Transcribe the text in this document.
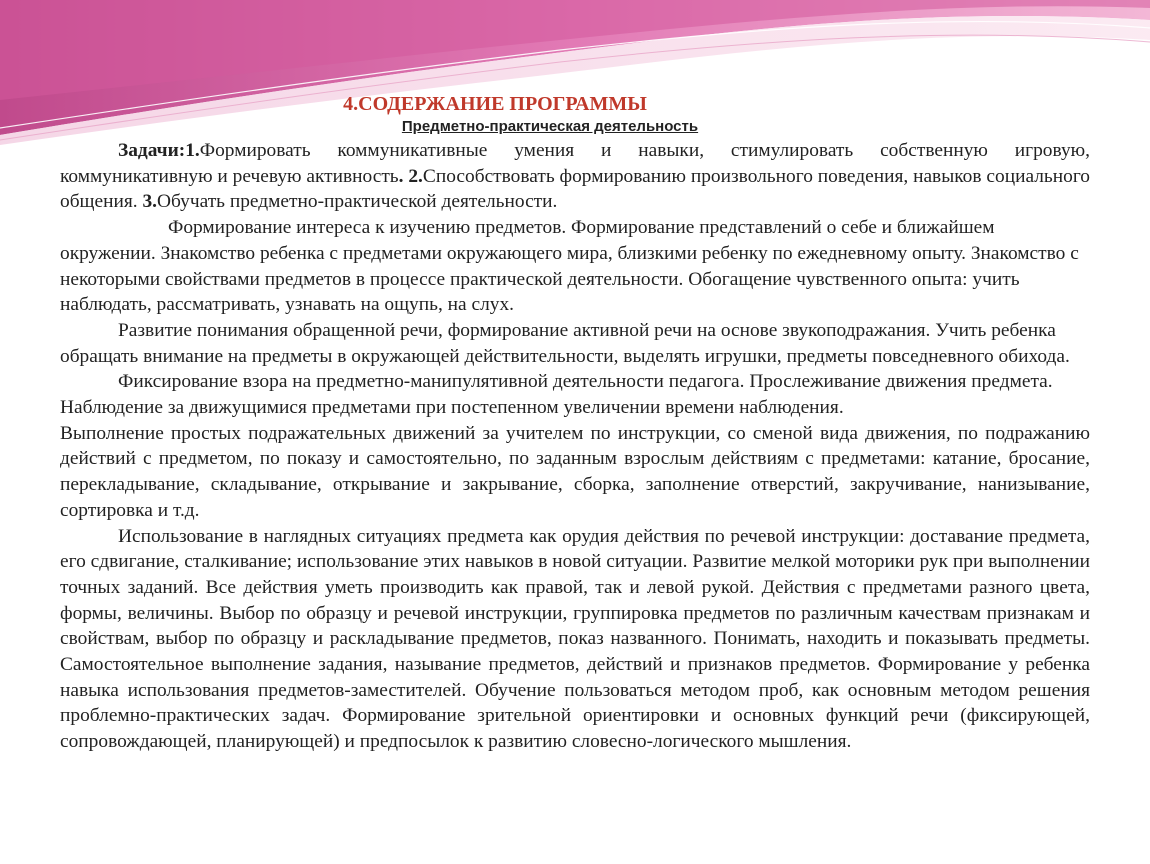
4.СОДЕРЖАНИЕ ПРОГРАММЫ
Предметно-практическая деятельность

Задачи:1.Формировать коммуникативные умения и навыки, стимулировать собственную игровую, коммуникативную и речевую активность. 2.Способствовать формированию произвольного поведения, навыков социального общения. 3.Обучать предметно-практической деятельности.

Формирование интереса к изучению предметов. Формирование представлений о себе и ближайшем окружении. Знакомство ребенка с предметами окружающего мира, близкими ребенку по ежедневному опыту. Знакомство с некоторыми свойствами предметов в процессе практической деятельности. Обогащение чувственного опыта: учить наблюдать, рассматривать, узнавать на ощупь, на слух.

Развитие понимания обращенной речи, формирование активной речи на основе звукоподражания. Учить ребенка обращать внимание на предметы в окружающей действительности, выделять игрушки, предметы повседневного обихода.

Фиксирование взора на предметно-манипулятивной деятельности педагога. Прослеживание движения предмета. Наблюдение за движущимися предметами при постепенном увеличении времени наблюдения.

Выполнение простых подражательных движений за учителем по инструкции, со сменой вида движения, по подражанию действий с предметом, по показу и самостоятельно, по заданным взрослым действиям с предметами: катание, бросание, перекладывание, складывание, открывание и закрывание, сборка, заполнение отверстий, закручивание, нанизывание, сортировка и т.д.

Использование в наглядных ситуациях предмета как орудия действия по речевой инструкции: доставание предмета, его сдвигание, сталкивание; использование этих навыков в новой ситуации. Развитие мелкой моторики рук при выполнении точных заданий. Все действия уметь производить как правой, так и левой рукой. Действия с предметами разного цвета, формы, величины. Выбор по образцу и речевой инструкции, группировка предметов по различным качествам признакам и свойствам, выбор по образцу и раскладывание предметов, показ названного. Понимать, находить и показывать предметы. Самостоятельное выполнение задания, называние предметов, действий и признаков предметов. Формирование у ребенка навыка использования предметов-заместителей. Обучение пользоваться методом проб, как основным методом решения проблемно-практических задач. Формирование зрительной ориентировки и основных функций речи (фиксирующей, сопровождающей, планирующей) и предпосылок к развитию словесно-логического мышления.
